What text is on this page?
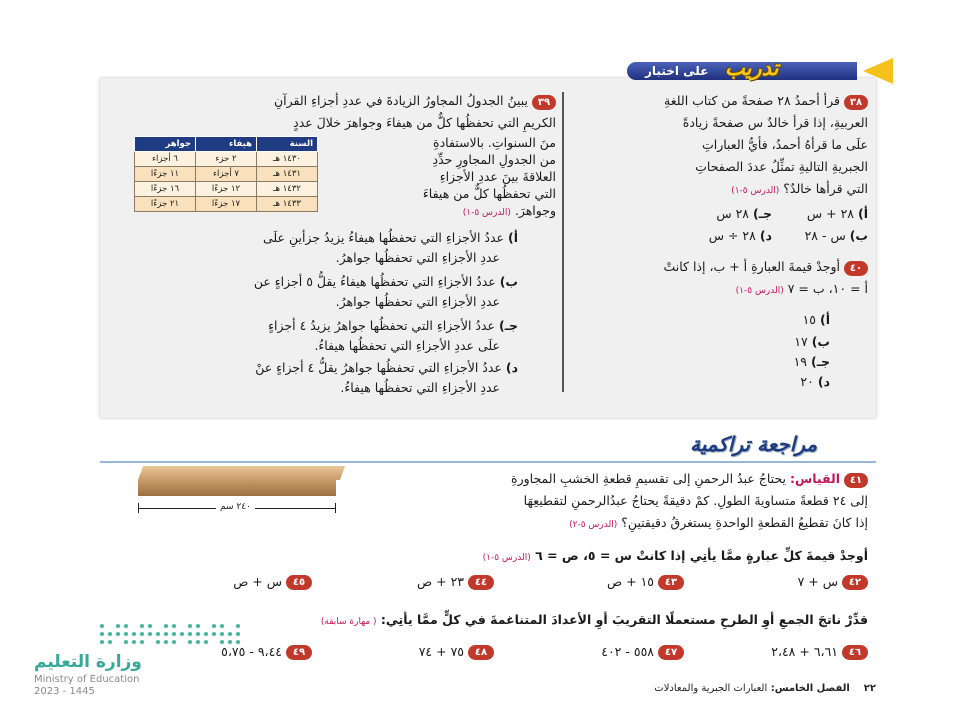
على اختبار تدريب
٣٨ قرأ أحمدُ ٢٨ صفحةً من كتاب اللغةِ
العربيةِ، إذا قرأ خالدٌ س صفحةً زيادةً
علَى ما قرأهُ أحمدُ، فأيُّ العباراتِ
الجبريةِ التاليةِ تمثِّلُ عددَ الصفحاتِ
التي قرأها خالدٌ؟ (الدرس ٥-١)
أ)٢٨ + س
جـ)٢٨ س
ب)س - ٢٨
د)٢٨ ÷ س
٤٠ أوجدْ قيمةَ العبارةِ أ + ب، إذا كانتْ
أ = ١٠، ب = ٧ (الدرس ٥-١)
أ)١٥
ب)١٧
جـ)١٩
د)٢٠
٣٩ يبينُ الجدولُ المجاورُ الزيادةَ في عددِ أجزاءِ القرآنِ
الكريمِ التي تحفظُها كلٌّ من هيفاءَ وجواهرَ خلالَ عددٍ
منَ السنواتِ. بالاستفادةِ
من الجدولِ المجاورِ حدِّدِ
العلاقةَ بينَ عددِ الأجزاءِ
التي تحفظُها كلٌّ من هيفاءَ
وجواهرَ. (الدرس ٥-١)
السنة	هيفاء	جواهر
١٤٣٠ هـ	٢ جزء	٦ أجزاء
١٤٣١ هـ	٧ أجزاء	١١ جزءًا
١٤٣٢ هـ	١٢ جزءًا	١٦ جزءًا
١٤٣٣ هـ	١٧ جزءًا	٢١ جزءًا
أ) عددُ الأجزاءِ التي تحفظُها هيفاءُ يزيدُ جزأينِ علَى
عددِ الأجزاءِ التي تحفظُها جواهرُ.
ب) عددُ الأجزاءِ التي تحفظُها هيفاءُ يقلُّ ٥ أجزاءٍ عن
عددِ الأجزاءِ التي تحفظُها جواهرُ.
جـ) عددُ الأجزاءِ التي تحفظُها جواهرُ يزيدُ ٤ أجزاءٍ
علَى عددِ الأجزاءِ التي تحفظُها هيفاءُ.
د) عددُ الأجزاءِ التي تحفظُها جواهرُ يقلُّ ٤ أجزاءٍ عنْ
عددِ الأجزاءِ التي تحفظُها هيفاءُ.
مراجعة تراكمية
٤١ القياس: يحتاجُ عبدُ الرحمنِ إلى تقسيمِ قطعةِ الخشبِ المجاورةِ
إلى ٢٤ قطعةً متساويةَ الطولِ. كمْ دقيقةً يحتاجُ عبدُالرحمنِ لتقطيعِهَا
إذا كانَ تقطيعُ القطعةِ الواحدةِ يستغرقُ دقيقتينِ؟ (الدرس ٥-٢)
٢٤٠ سم
أوجدْ قيمةَ كلِّ عبارةٍ ممَّا يأتِي إذا كانتْ س = ٥، ص = ٦ (الدرس ٥-١)
٤٢ س + ٧
٤٣ ١٥ + ص
٤٤ ٢٣ + ص
٤٥ س + ص
قدِّرْ ناتجَ الجمعِ أوِ الطرحِ مستعملًا التقريبَ أوِ الأعدادَ المتناغمةَ في كلٍّ ممَّا يأتِي: ( مهارة سابقة)
٤٦ ٦،٦١ + ٢،٤٨
٤٧ ٥٥٨ - ٤٠٢
٤٨ ٧٥ + ٧٤
٤٩ ٩،٤٤ - ٥،٧٥
وزارة التعليم
Ministry of Education
2023 - 1445	٢٢    الفصل الخامس: العبارات الجبرية والمعادلات
